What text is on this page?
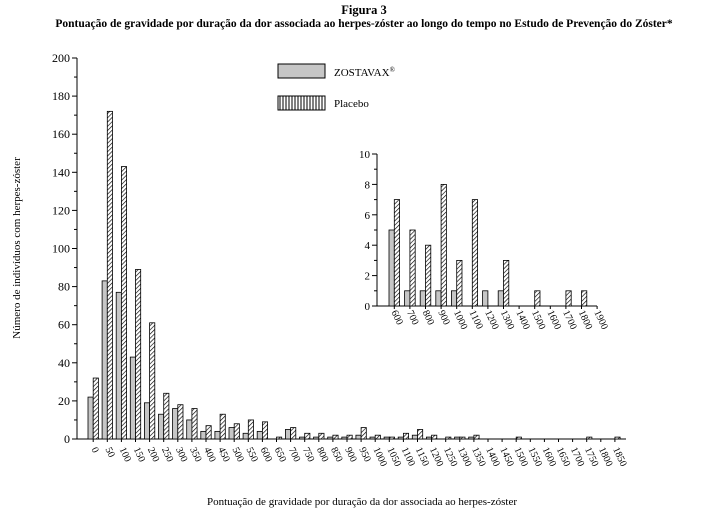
Figura 3
Pontuação de gravidade por duração da dor associada ao herpes-zóster ao longo do tempo no Estudo de Prevenção do Zóster*
0
20
40
60
80
100
120
140
160
180
200
0 50 100
150
200
250
300
350
400
450
500
550
600
650
700
750
800
850
900
950
1000
1050
1100
1150
1200
1250
1300
1350
1400
1450
1500
1550
1600
1650
1700
1750
1800
1850
0
2
4
6
8
10
600 700 800 900 1000
1100
1200
1300
1400
1500
1600
1700
1800
1900
ZOSTAVAX®
Placebo
Número de indivíduos com herpes-zóster
Pontuação de gravidade por duração da dor associada ao herpes-zóster
